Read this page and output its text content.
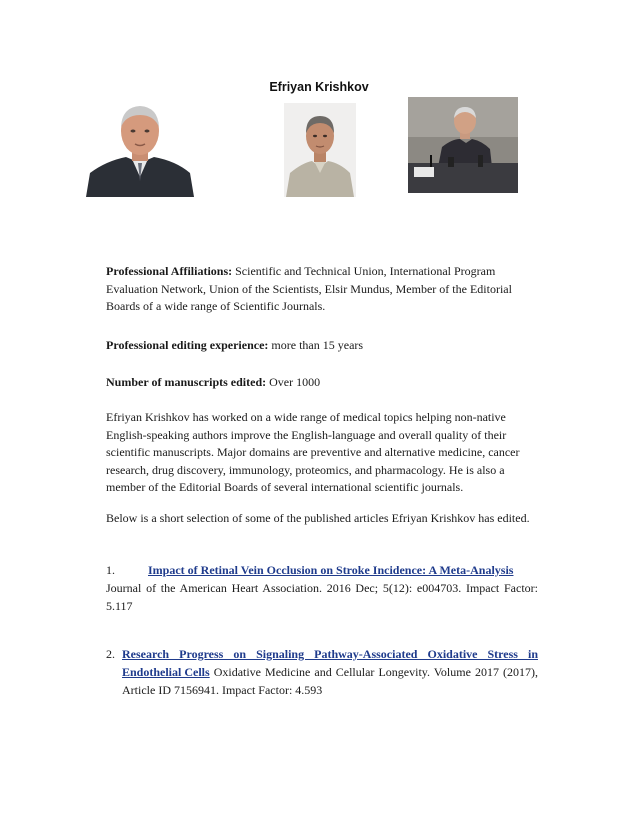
Efriyan Krishkov
Professional Affiliations: Scientific and Technical Union, International Program
Evaluation Network, Union of the Scientists, Elsir Mundus, Member of the Editorial
Boards of a wide range of Scientific Journals.
Professional editing experience: more than 15 years
Number of manuscripts edited: Over 1000
Efriyan Krishkov has worked on a wide range of medical topics helping non-native
English-speaking authors improve the English-language and overall quality of their
scientific manuscripts. Major domains are preventive and alternative medicine, cancer
research, drug discovery, immunology, proteomics, and pharmacology. He is also a
member of the Editorial Boards of several international scientific journals.
Below is a short selection of some of the published articles Efriyan Krishkov has edited.
1.	Impact of Retinal Vein Occlusion on Stroke Incidence: A Meta-Analysis
Journal of the American Heart Association. 2016 Dec; 5(12): e004703. Impact Factor:
5.117
2. Research Progress on Signaling Pathway-Associated Oxidative Stress in
Endothelial Cells Oxidative Medicine and Cellular Longevity. Volume 2017 (2017),
Article ID 7156941. Impact Factor: 4.593
